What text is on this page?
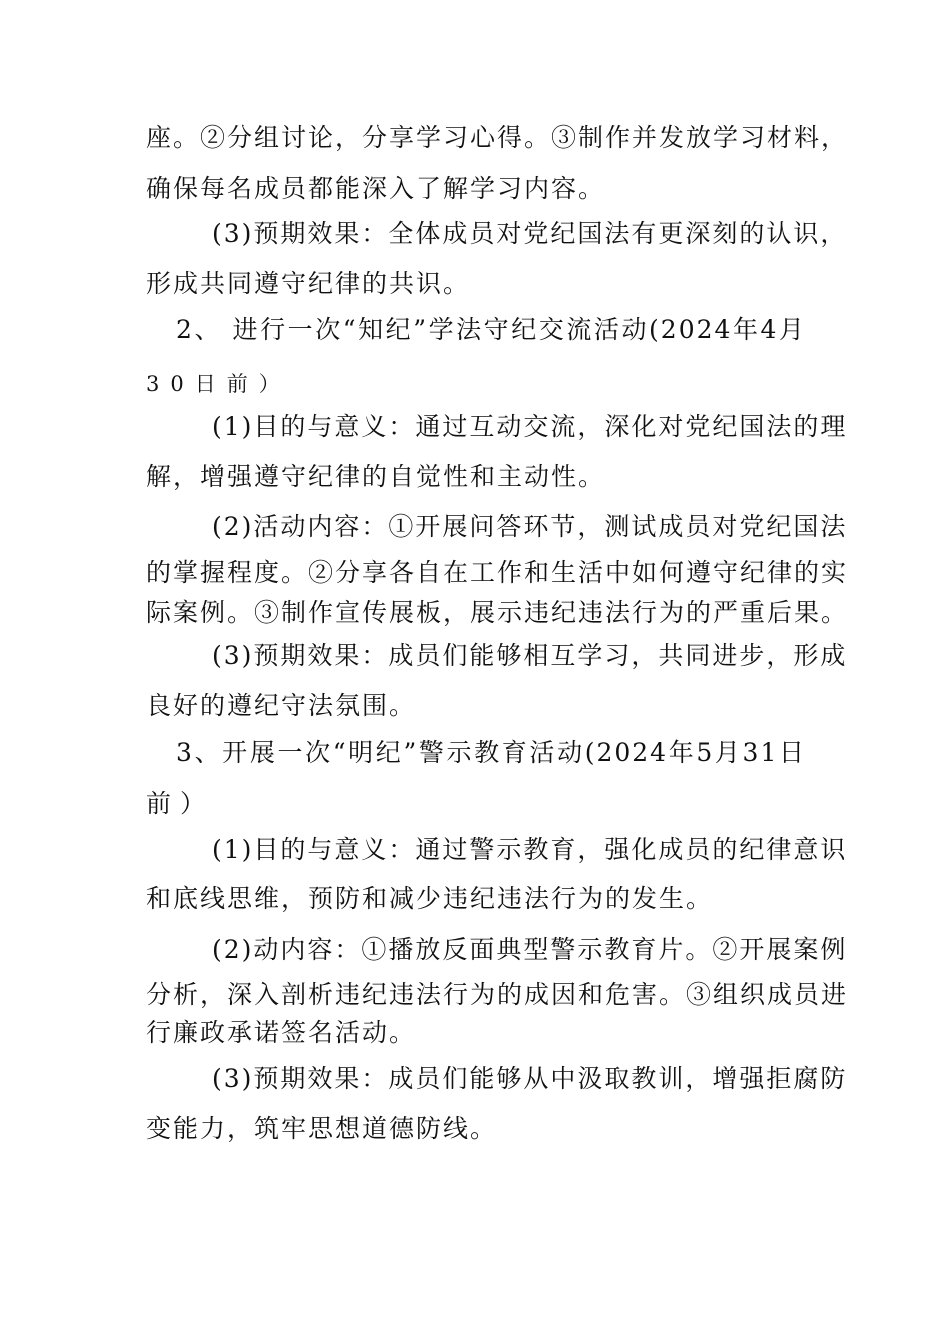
座。②分组讨论，分享学习心得。③制作并发放学习材料，

确保每名成员都能深入了解学习内容。

(3)预期效果：全体成员对党纪国法有更深刻的认识，

形成共同遵守纪律的共识。

2、 进行一次“知纪”学法守纪交流活动(2024年4月

30日前）

(1)目的与意义：通过互动交流，深化对党纪国法的理

解，增强遵守纪律的自觉性和主动性。

(2)活动内容：①开展问答环节，测试成员对党纪国法

的掌握程度。②分享各自在工作和生活中如何遵守纪律的实

际案例。③制作宣传展板，展示违纪违法行为的严重后果。

(3)预期效果：成员们能够相互学习，共同进步，形成

良好的遵纪守法氛围。

3、开展一次“明纪”警示教育活动(2024年5月31日

前）

(1)目的与意义：通过警示教育，强化成员的纪律意识

和底线思维，预防和减少违纪违法行为的发生。

(2)动内容：①播放反面典型警示教育片。②开展案例

分析，深入剖析违纪违法行为的成因和危害。③组织成员进

行廉政承诺签名活动。

(3)预期效果：成员们能够从中汲取教训，增强拒腐防

变能力，筑牢思想道德防线。
